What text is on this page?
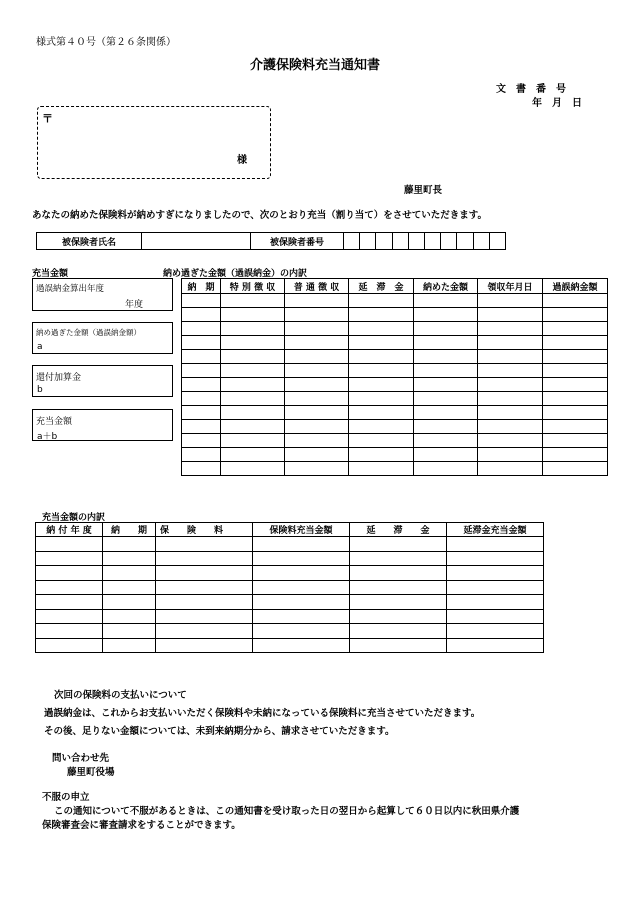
様式第４０号（第２６条関係）
介護保険料充当通知書
文　書　番　号
年　月　日
〒
様
藤里町長
あなたの納めた保険料が納めすぎになりましたので、次のとおり充当（割り当て）をさせていただきます。
被保険者氏名		被保険者番号										
充当金額
過誤納金算出年度
年度
納め過ぎた金額（過誤納金額）
a
還付加算金
b
充当金額
a＋b
納め過ぎた金額（過誤納金）の内訳
納　期	特 別 徴 収	普 通 徴 収	延　滞　金	納めた金額	領収年月日	過誤納金額

充当金額の内訳
納 付 年 度	納　　期	保　　険　　料	保険料充当金額	延　　滞　　金	延滞金充当金額

次回の保険料の支払いについて
過誤納金は、これからお支払いいただく保険料や未納になっている保険料に充当させていただきます。
その後、足りない金額については、未到来納期分から、請求させていただきます。
問い合わせ先
藤里町役場
不服の申立
この通知について不服があるときは、この通知書を受け取った日の翌日から起算して６０日以内に秋田県介護
保険審査会に審査請求をすることができます。
